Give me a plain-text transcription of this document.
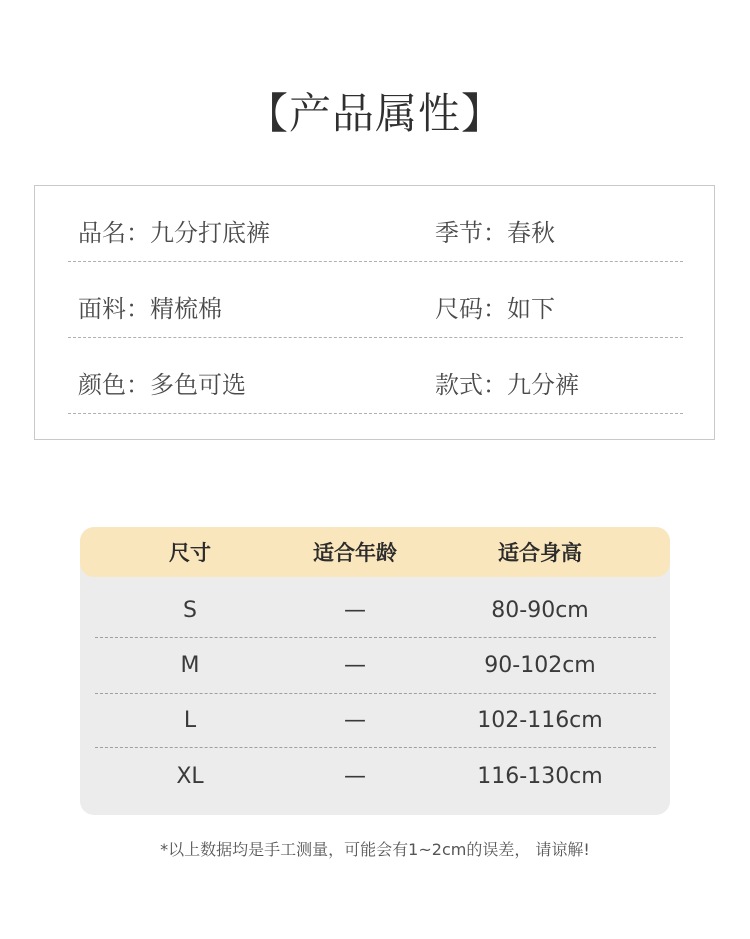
【产品属性】
品名：九分打底裤	季节：春秋
面料：精梳棉	尺码：如下
颜色：多色可选	款式：九分裤
尺寸	适合年龄	适合身高
S	—	80-90cm
M	—	90-102cm
L	—	102-116cm
XL	—	116-130cm
*以上数据均是手工测量，可能会有1~2cm的误差， 请谅解!
